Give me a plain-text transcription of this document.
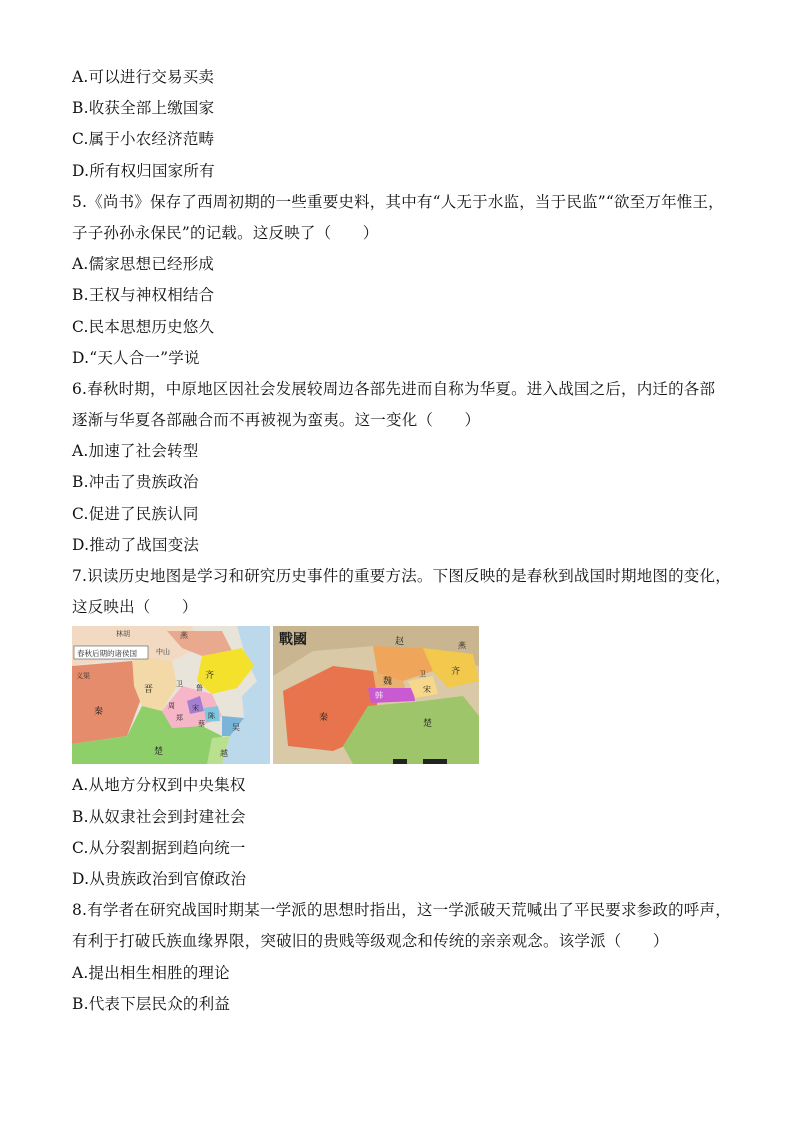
A.可以进行交易买卖
B.收获全部上缴国家
C.属于小农经济范畴
D.所有权归国家所有
5.《尚书》保存了西周初期的一些重要史料，其中有“人无于水监，当于民监”“欲至万年惟王，
子子孙孙永保民”的记载。这反映了（　　）
A.儒家思想已经形成
B.王权与神权相结合
C.民本思想历史悠久
D.“天人合一”学说
6.春秋时期，中原地区因社会发展较周边各部先进而自称为华夏。进入战国之后，内迁的各部
逐渐与华夏各部融合而不再被视为蛮夷。这一变化（　　）
A.加速了社会转型
B.冲击了贵族政治
C.促进了民族认同
D.推动了战国变法
7.识读历史地图是学习和研究历史事件的重要方法。下图反映的是春秋到战国时期地图的变化，
这反映出（　　）
春秋后期的诸侯国
林胡	燕
中山
齐
晋
卫 鲁
宋
周
郑	陈
蔡
秦
楚
吴
越
义渠
戰國	赵
魏
韩
齐
宋
秦
楚
燕
卫
A.从地方分权到中央集权
B.从奴隶社会到封建社会
C.从分裂割据到趋向统一
D.从贵族政治到官僚政治
8.有学者在研究战国时期某一学派的思想时指出，这一学派破天荒喊出了平民要求参政的呼声，
有利于打破氏族血缘界限，突破旧的贵贱等级观念和传统的亲亲观念。该学派（　　）
A.提出相生相胜的理论
B.代表下层民众的利益
